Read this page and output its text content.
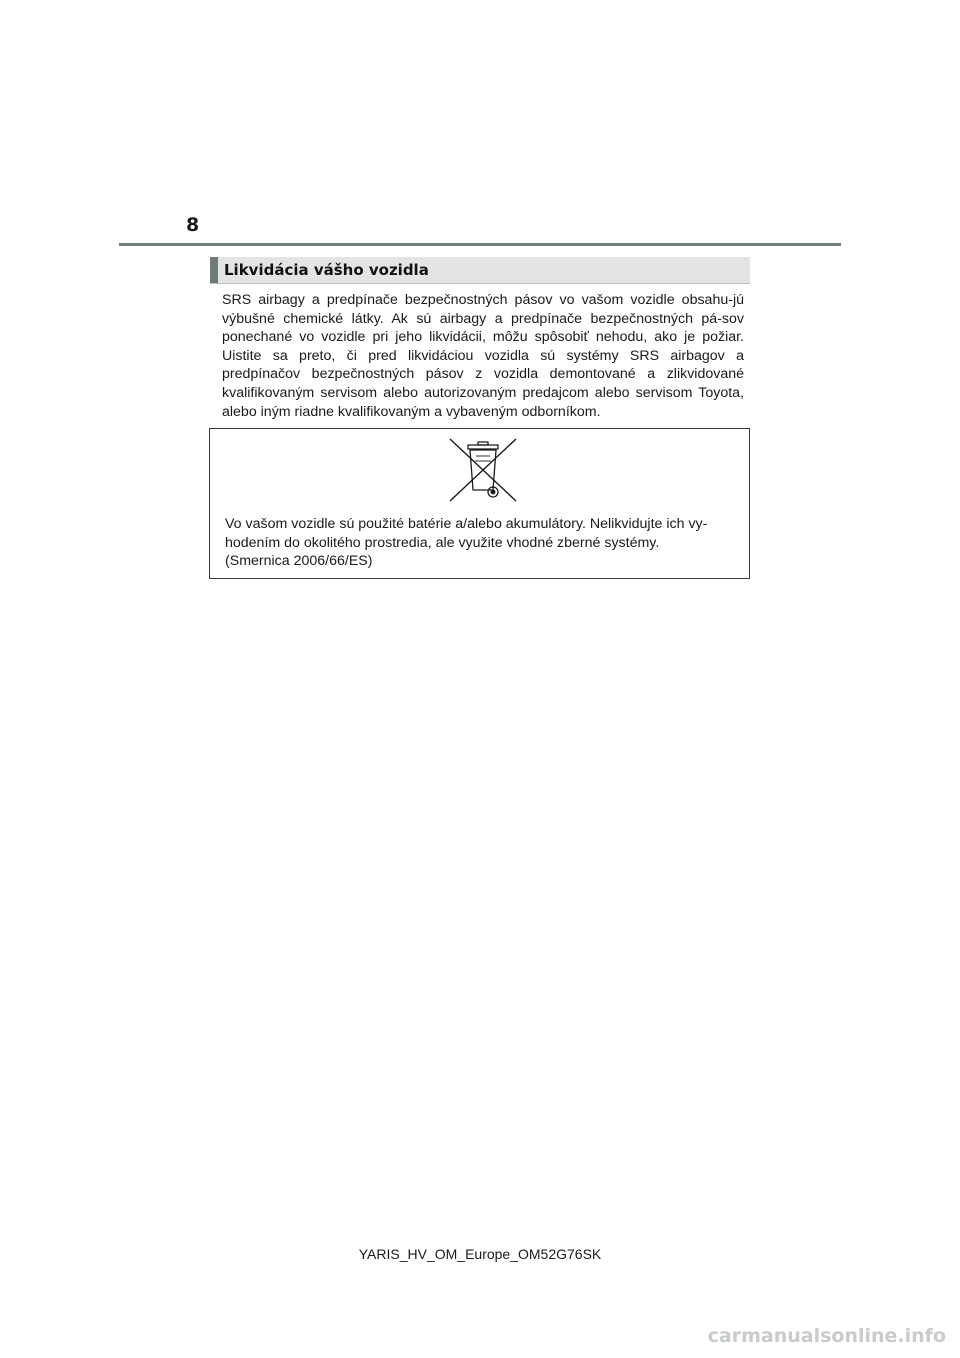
8
Likvidácia vášho vozidla

SRS airbagy a predpínače bezpečnostných pásov vo vašom vozidle obsahu-jú výbušné chemické látky. Ak sú airbagy a predpínače bezpečnostných pá-sov ponechané vo vozidle pri jeho likvidácii, môžu spôsobiť nehodu, ako je požiar. Uistite sa preto, či pred likvidáciou vozidla sú systémy SRS airbagov a predpínačov bezpečnostných pásov z vozidla demontované a zlikvidované kvalifikovaným servisom alebo autorizovaným predajcom alebo servisom Toyota, alebo iným riadne kvalifikovaným a vybaveným odborníkom.

Vo vašom vozidle sú použité batérie a/alebo akumulátory. Nelikvidujte ich vy-
hodením do okolitého prostredia, ale využite vhodné zberné systémy.
(Smernica 2006/66/ES)

YARIS_HV_OM_Europe_OM52G76SK
carmanualsonline.info
